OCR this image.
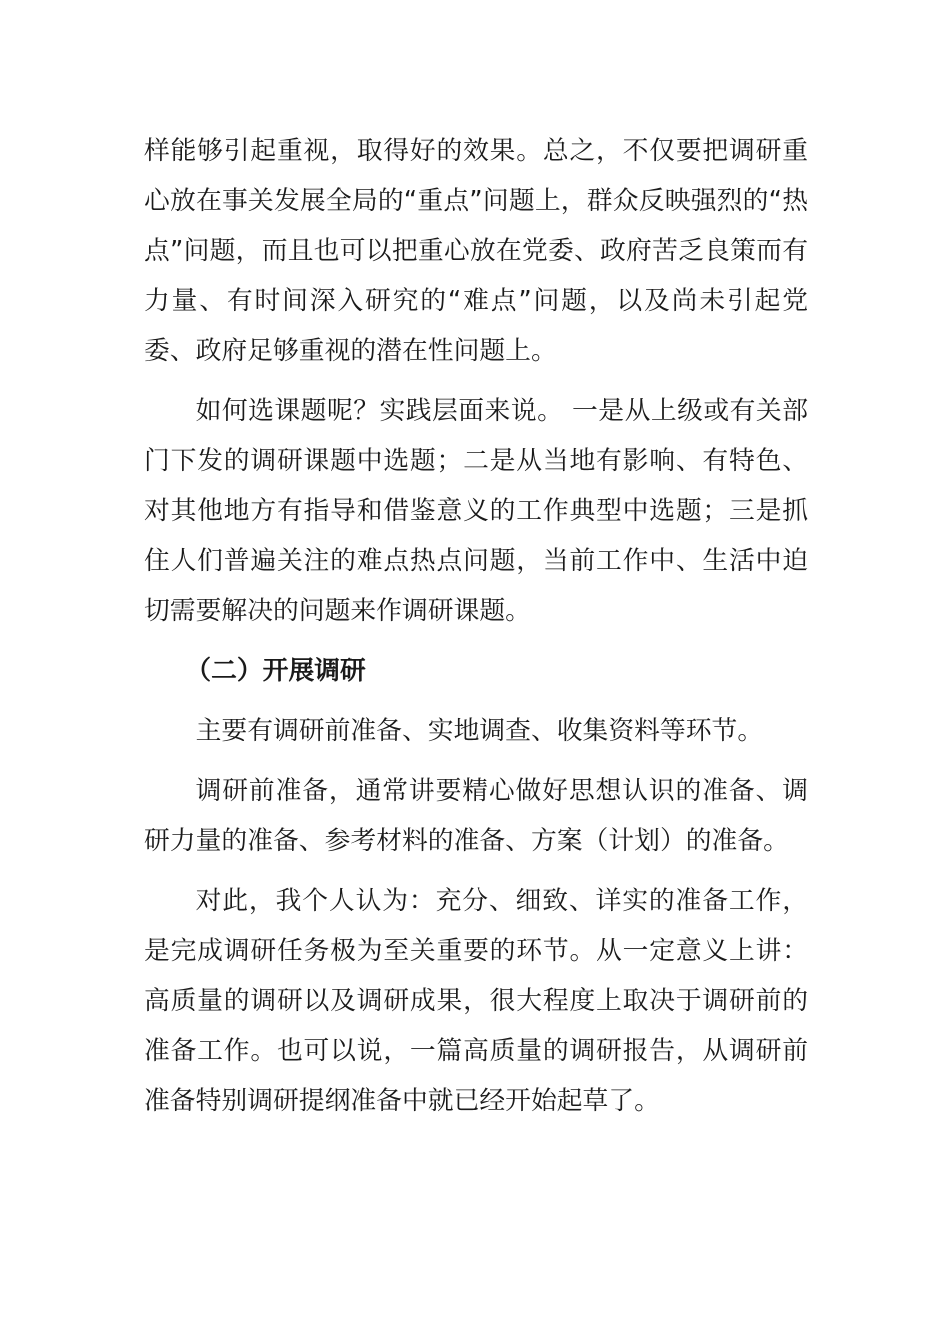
样能够引起重视，取得好的效果。总之，不仅要把调研重心放在事关发展全局的“重点”问题上，群众反映强烈的“热点”问题，而且也可以把重心放在党委、政府苦乏良策而有力量、有时间深入研究的“难点”问题，以及尚未引起党委、政府足够重视的潜在性问题上。

如何选课题呢？实践层面来说。 一是从上级或有关部门下发的调研课题中选题；二是从当地有影响、有特色、对其他地方有指导和借鉴意义的工作典型中选题；三是抓住人们普遍关注的难点热点问题，当前工作中、生活中迫切需要解决的问题来作调研课题。

（二）开展调研

主要有调研前准备、实地调查、收集资料等环节。

调研前准备，通常讲要精心做好思想认识的准备、调研力量的准备、参考材料的准备、方案（计划）的准备。

对此，我个人认为：充分、细致、详实的准备工作，是完成调研任务极为至关重要的环节。从一定意义上讲：高质量的调研以及调研成果，很大程度上取决于调研前的准备工作。也可以说，一篇高质量的调研报告，从调研前准备特别调研提纲准备中就已经开始起草了。
